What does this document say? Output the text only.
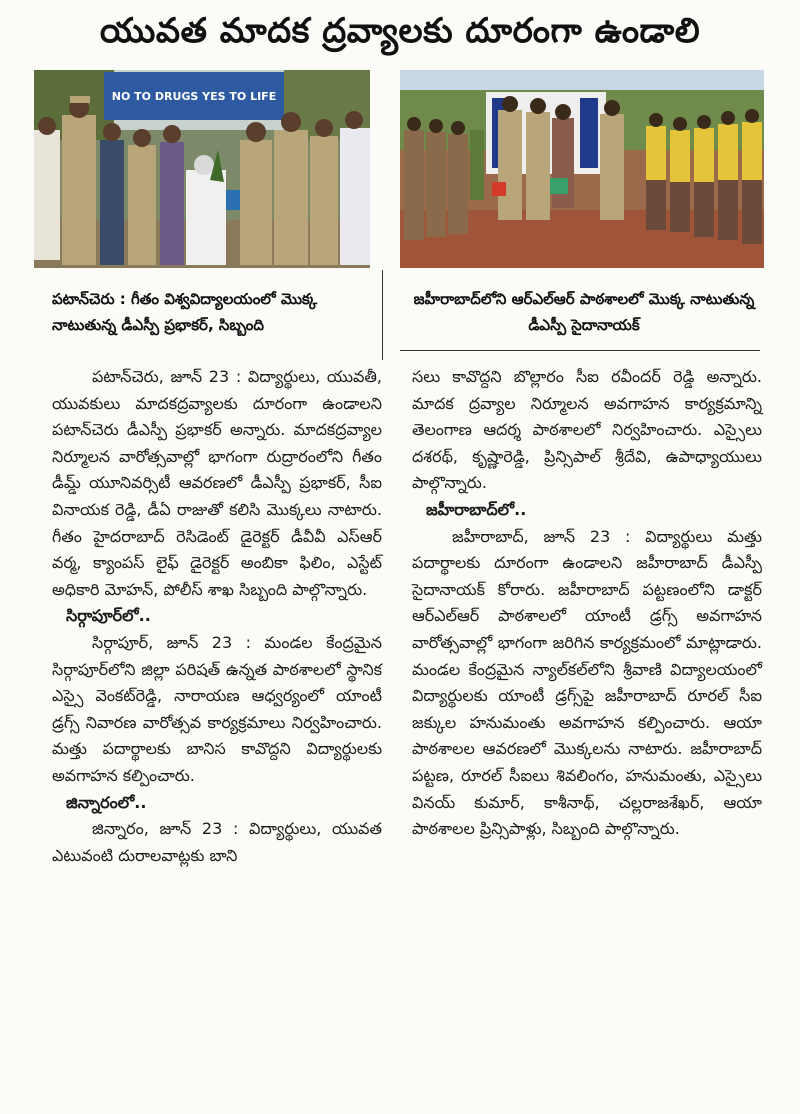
యువత మాదక ద్రవ్యాలకు దూరంగా ఉండాలి
NO TO DRUGS YES TO LIFE
పటాన్‌చెరు : గీతం విశ్వవిద్యాలయంలో మొక్క నాటుతున్న డీఎస్పీ ప్రభాకర్, సిబ్బంది
జహీరాబాద్‌లోని ఆర్‌ఎల్‌ఆర్ పాఠశాలలో మొక్క నాటుతున్న డీఎస్పీ సైదానాయక్

పటాన్‌చెరు, జూన్ 23 : విద్యార్థులు, యువతీ, యువకులు మాదకద్రవ్యాలకు దూరంగా ఉండాలని పటాన్‌చెరు డీఎస్పీ ప్రభాకర్ అన్నారు. మాదకద్రవ్యాల నిర్మూలన వారోత్సవాల్లో భాగంగా రుద్రారంలోని గీతం డీమ్డ్ యూనివర్సిటీ ఆవరణలో డీఎస్పీ ప్రభాకర్, సీఐ వినాయక రెడ్డి, డీఏ రాజుతో కలిసి మొక్కలు నాటారు. గీతం హైదరాబాద్ రెసిడెంట్ డైరెక్టర్ డీవీవీ ఎస్‌ఆర్ వర్మ, క్యాంపస్ లైఫ్ డైరెక్టర్ అంబికా ఫిలిం, ఎస్టేట్ అధికారి మోహన్, పోలీస్ శాఖ సిబ్బంది పాల్గొన్నారు.

సిర్గాపూర్‌లో..

సిర్గాపూర్, జూన్ 23 : మండల కేంద్రమైన సిర్గాపూర్‌లోని జిల్లా పరిషత్ ఉన్నత పాఠశాలలో స్థానిక ఎస్సై వెంకట్‌రెడ్డి, నారాయణ ఆధ్వర్యంలో యాంటీ డ్రగ్స్ నివారణ వారోత్సవ కార్యక్రమాలు నిర్వహించారు. మత్తు పదార్థాలకు బానిస కావొద్దని విద్యార్థులకు అవగాహన కల్పించారు.

జిన్నారంలో..

జిన్నారం, జూన్ 23 : విద్యార్థులు, యువత ఎటువంటి దురాలవాట్లకు బాని

సలు కావొద్దని బొల్లారం సీఐ రవీందర్ రెడ్డి అన్నారు. మాదక ద్రవ్యాల నిర్మూలన అవగాహన కార్యక్రమాన్ని తెలంగాణ ఆదర్శ పాఠశాలలో నిర్వహించారు. ఎస్సైలు దశరథ్, కృష్ణారెడ్డి, ప్రిన్సిపాల్ శ్రీదేవి, ఉపాధ్యాయులు పాల్గొన్నారు.

జహీరాబాద్‌లో..

జహీరాబాద్, జూన్ 23 : విద్యార్థులు మత్తు పదార్థాలకు దూరంగా ఉండాలని జహీరాబాద్ డీఎస్పీ సైదానాయక్ కోరారు. జహీరాబాద్ పట్టణంలోని డాక్టర్ ఆర్‌ఎల్‌ఆర్ పాఠశాలలో యాంటీ డ్రగ్స్ అవగాహన వారోత్సవాల్లో భాగంగా జరిగిన కార్యక్రమంలో మాట్లాడారు. మండల కేంద్రమైన న్యాల్‌కల్‌లోని శ్రీవాణి విద్యాలయంలో విద్యార్థులకు యాంటీ డ్రగ్స్‌పై జహీరాబాద్ రూరల్ సీఐ జక్కుల హనుమంతు అవగాహన కల్పించారు. ఆయా పాఠశాలల ఆవరణలో మొక్కలను నాటారు. జహీరాబాద్ పట్టణ, రూరల్ సీఐలు శివలింగం, హనుమంతు, ఎస్సైలు వినయ్ కుమార్, కాశీనాథ్, చల్లరాజశేఖర్, ఆయా పాఠశాలల ప్రిన్సిపాళ్లు, సిబ్బంది పాల్గొన్నారు.
